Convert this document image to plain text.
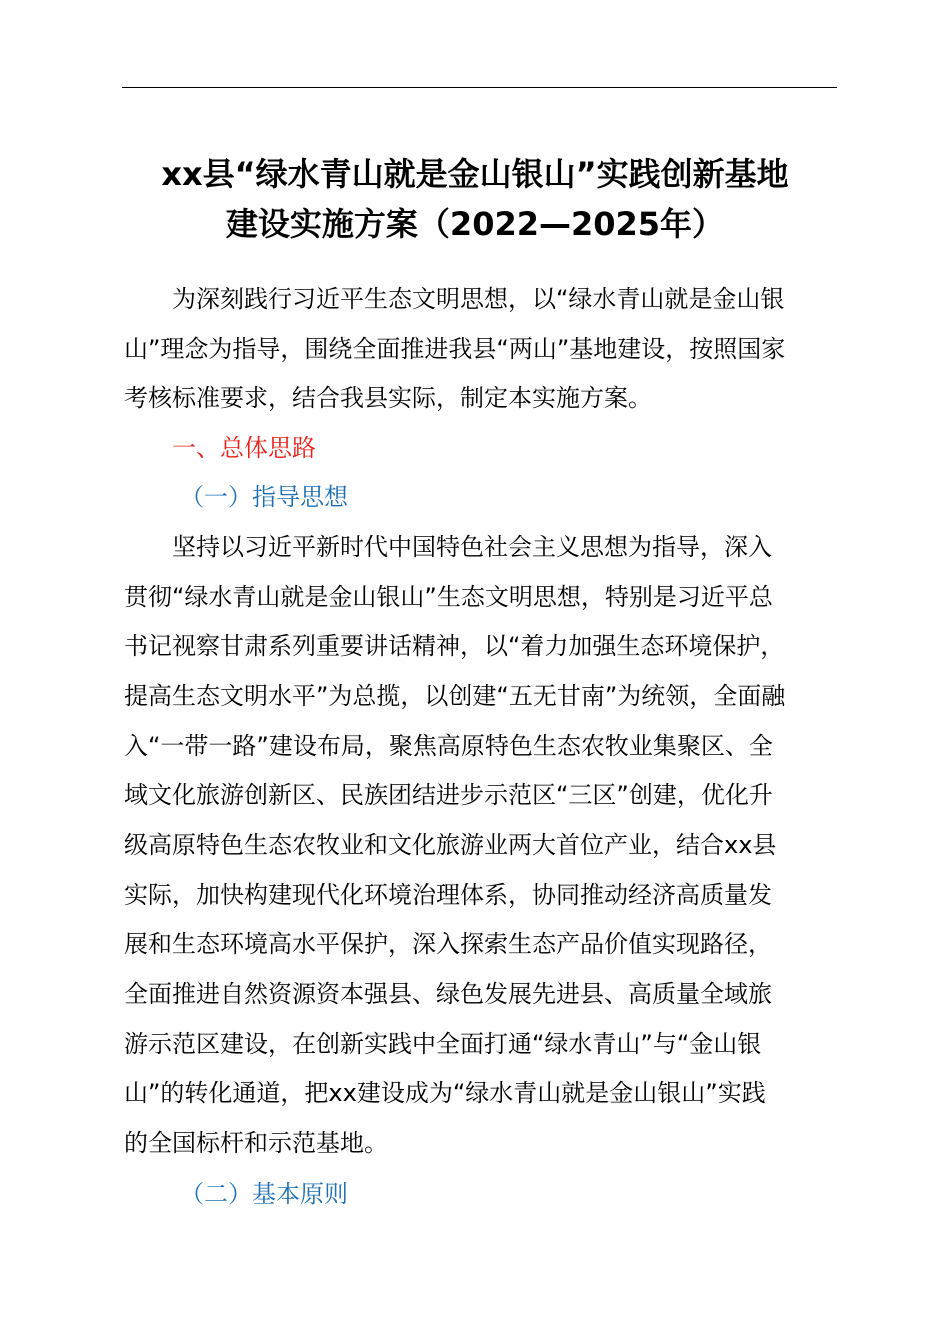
xx县“绿水青山就是金山银山”实践创新基地
建设实施方案（2022—2025年）
为深刻践行习近平生态文明思想，以“绿水青山就是金山银
山”理念为指导，围绕全面推进我县“两山”基地建设，按照国家
考核标准要求，结合我县实际，制定本实施方案。
一、总体思路
（一）指导思想
坚持以习近平新时代中国特色社会主义思想为指导，深入
贯彻“绿水青山就是金山银山”生态文明思想，特别是习近平总
书记视察甘肃系列重要讲话精神，以“着力加强生态环境保护，
提高生态文明水平”为总揽，以创建“五无甘南”为统领，全面融
入“一带一路”建设布局，聚焦高原特色生态农牧业集聚区、全
域文化旅游创新区、民族团结进步示范区“三区”创建，优化升
级高原特色生态农牧业和文化旅游业两大首位产业，结合xx县
实际，加快构建现代化环境治理体系，协同推动经济高质量发
展和生态环境高水平保护，深入探索生态产品价值实现路径，
全面推进自然资源资本强县、绿色发展先进县、高质量全域旅
游示范区建设，在创新实践中全面打通“绿水青山”与“金山银
山”的转化通道，把xx建设成为“绿水青山就是金山银山”实践
的全国标杆和示范基地。
（二）基本原则
